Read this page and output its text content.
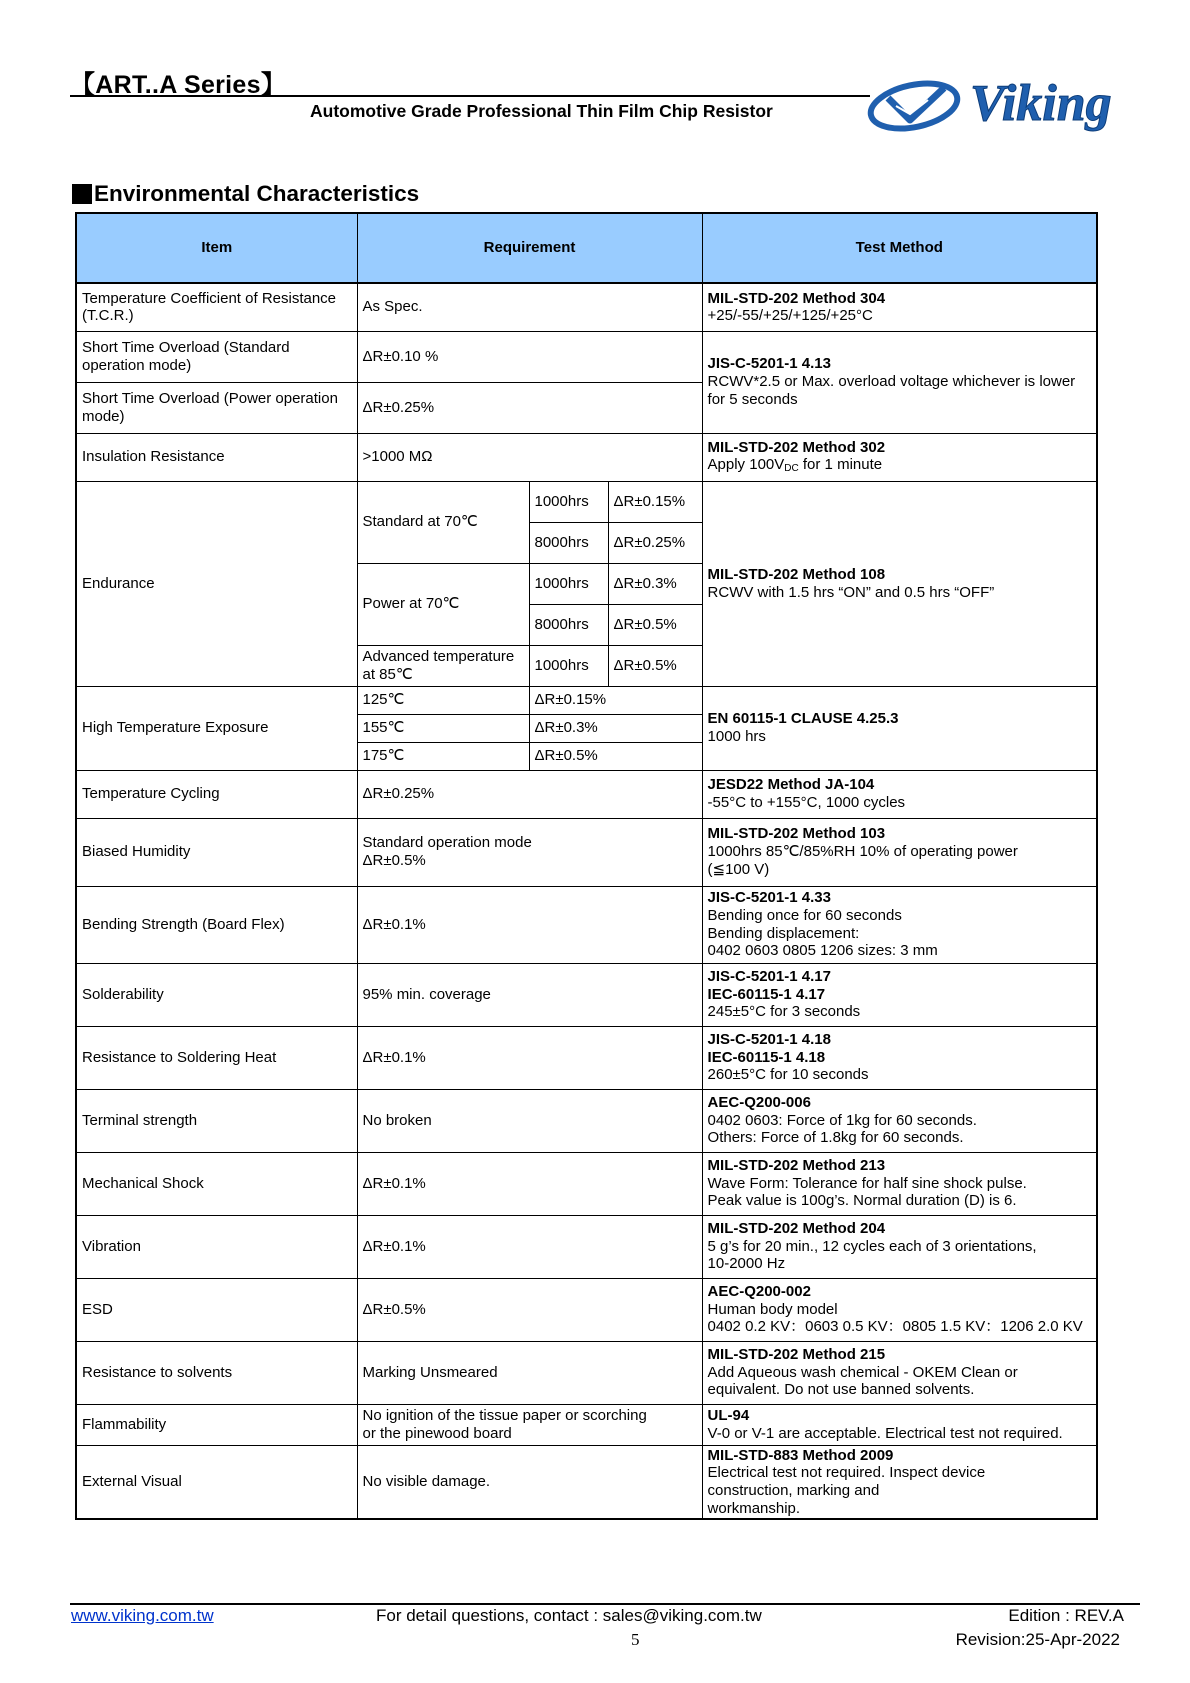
【ART..A Series】
Automotive Grade Professional Thin Film Chip Resistor	Viking
Environmental Characteristics
Item	Requirement			Test Method
Temperature Coefficient of Resistance (T.C.R.)	As Spec.			MIL-STD-202 Method 304
+25/-55/+25/+125/+25°C
Short Time Overload (Standard operation mode)	ΔR±0.10 %			JIS-C-5201-1 4.13
RCWV*2.5 or Max. overload voltage whichever is lower for 5 seconds
Short Time Overload (Power operation mode)	ΔR±0.25%			
Insulation Resistance	>1000 MΩ			MIL-STD-202 Method 302
Apply $100V_{DC}$ for 1 minute
Endurance	Standard at 70℃	1000hrs	ΔR±0.15%	MIL-STD-202 Method 108
RCWV with 1.5 hrs “ON” and 0.5 hrs “OFF”
		8000hrs	ΔR±0.25%	
	Power at 70℃	1000hrs	ΔR±0.3%	
		8000hrs	ΔR±0.5%	
	Advanced temperature at 85℃	1000hrs	ΔR±0.5%	
High Temperature Exposure	125℃	ΔR±0.15%		EN 60115-1 CLAUSE 4.25.3
1000 hrs
	155℃	ΔR±0.3%		
	175℃	ΔR±0.5%		
Temperature Cycling	ΔR±0.25%			JESD22 Method JA-104
-55°C to +155°C, 1000 cycles
Biased Humidity	Standard operation mode
ΔR±0.5%			MIL-STD-202 Method 103
1000hrs 85℃/85%RH 10% of operating power
(≦100 V)
Bending Strength (Board Flex)	ΔR±0.1%			JIS-C-5201-1 4.33
Bending once for 60 seconds
Bending displacement:
0402 0603 0805 1206 sizes: 3 mm
Solderability	95% min. coverage			JIS-C-5201-1 4.17
IEC-60115-1 4.17
245±5°C for 3 seconds
Resistance to Soldering Heat	ΔR±0.1%			JIS-C-5201-1 4.18
IEC-60115-1 4.18
260±5°C for 10 seconds
Terminal strength	No broken			AEC-Q200-006
0402 0603: Force of 1kg for 60 seconds.
Others: Force of 1.8kg for 60 seconds.
Mechanical Shock	ΔR±0.1%			MIL-STD-202 Method 213
Wave Form: Tolerance for half sine shock pulse.
Peak value is 100g’s. Normal duration (D) is 6.
Vibration	ΔR±0.1%			MIL-STD-202 Method 204
5 g’s for 20 min., 12 cycles each of 3 orientations,
10-2000 Hz
ESD	ΔR±0.5%			AEC-Q200-002
Human body model
0402 0.2 KV：0603 0.5 KV：0805 1.5 KV：1206 2.0 KV
Resistance to solvents	Marking Unsmeared			MIL-STD-202 Method 215
Add Aqueous wash chemical - OKEM Clean or
equivalent. Do not use banned solvents.
Flammability	No ignition of the tissue paper or scorching
or the pinewood board			UL-94
V-0 or V-1 are acceptable. Electrical test not required.
External Visual	No visible damage.			MIL-STD-883 Method 2009
Electrical test not required. Inspect device
construction, marking and
workmanship.
www.viking.com.tw	For detail questions, contact : sales@viking.com.tw	Edition : REV.A
5	Revision:25-Apr-2022
